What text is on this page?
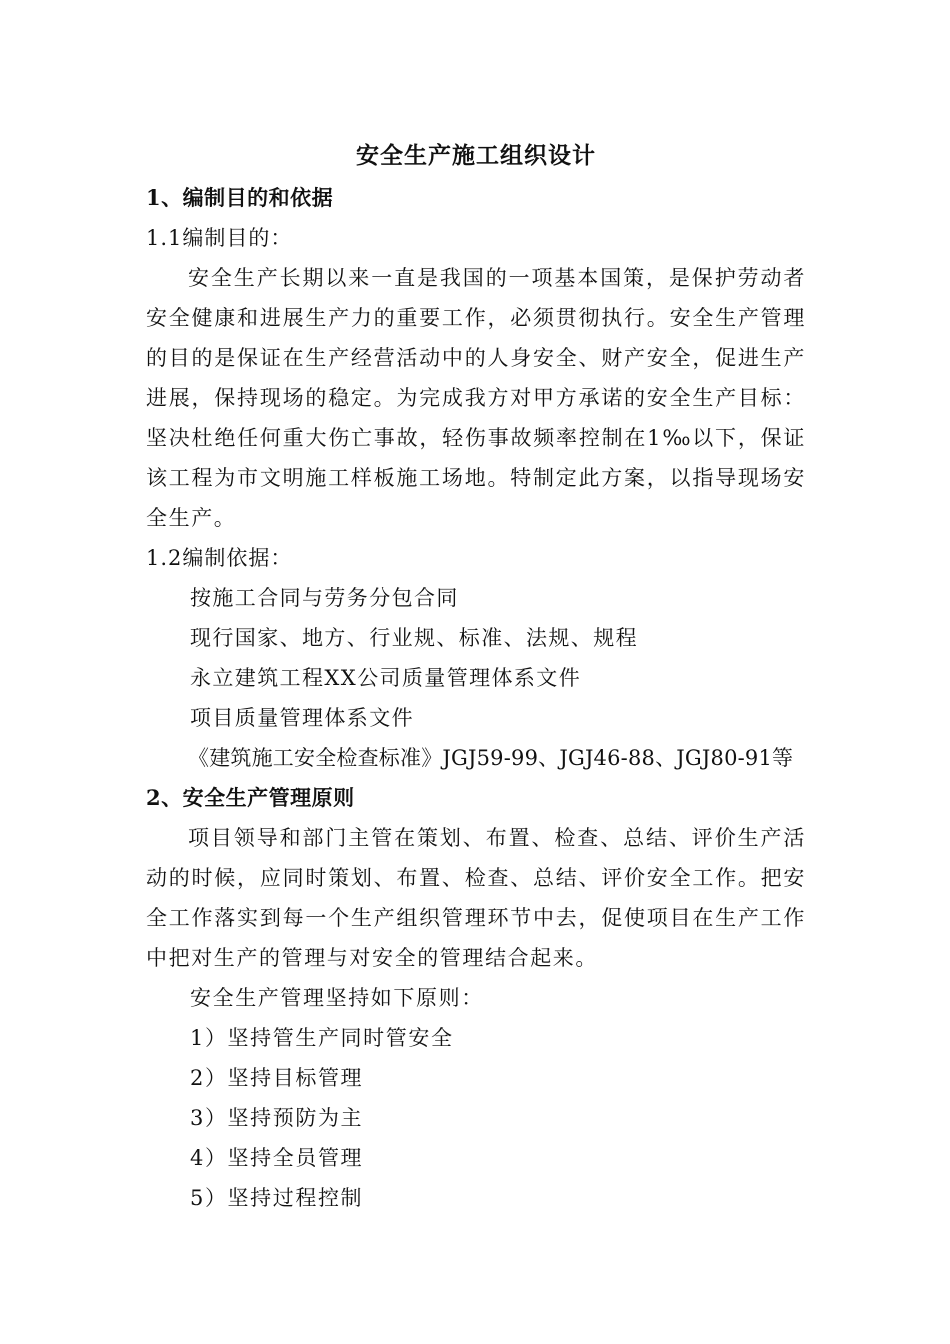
安全生产施工组织设计
1、编制目的和依据
1.1编制目的：

安全生产长期以来一直是我国的一项基本国策，是保护劳动者安全健康和进展生产力的重要工作，必须贯彻执行。安全生产管理的目的是保证在生产经营活动中的人身安全、财产安全，促进生产进展，保持现场的稳定。为完成我方对甲方承诺的安全生产目标：坚决杜绝任何重大伤亡事故，轻伤事故频率控制在1‰以下，保证该工程为市文明施工样板施工场地。特制定此方案，以指导现场安全生产。

1.2编制依据：
按施工合同与劳务分包合同
现行国家、地方、行业规、标准、法规、规程
永立建筑工程XX公司质量管理体系文件
项目质量管理体系文件
《建筑施工安全检查标准》JGJ59-99、JGJ46-88、JGJ80-91等
2、安全生产管理原则

项目领导和部门主管在策划、布置、检查、总结、评价生产活动的时候，应同时策划、布置、检查、总结、评价安全工作。把安全工作落实到每一个生产组织管理环节中去，促使项目在生产工作中把对生产的管理与对安全的管理结合起来。

安全生产管理坚持如下原则：
1）坚持管生产同时管安全
2）坚持目标管理
3）坚持预防为主
4）坚持全员管理
5）坚持过程控制
